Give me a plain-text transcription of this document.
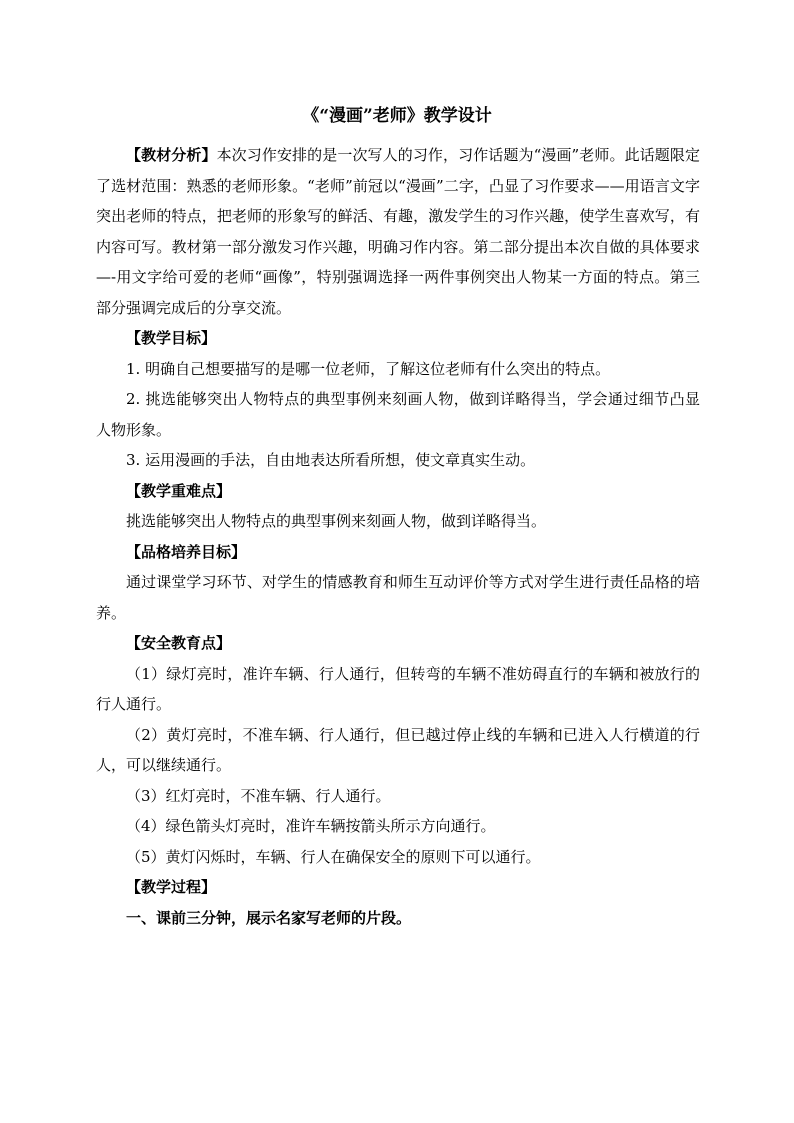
《“漫画”老师》教学设计

【教材分析】本次习作安排的是一次写人的习作，习作话题为“漫画”老师。此话题限定了选材范围：熟悉的老师形象。“老师”前冠以“漫画”二字，凸显了习作要求——用语言文字突出老师的特点，把老师的形象写的鲜活、有趣，激发学生的习作兴趣，使学生喜欢写，有内容可写。教材第一部分激发习作兴趣，明确习作内容。第二部分提出本次自做的具体要求—-用文字给可爱的老师“画像”，特别强调选择一两件事例突出人物某一方面的特点。第三部分强调完成后的分享交流。

【教学目标】

1. 明确自己想要描写的是哪一位老师，了解这位老师有什么突出的特点。

2. 挑选能够突出人物特点的典型事例来刻画人物，做到详略得当，学会通过细节凸显人物形象。

3. 运用漫画的手法，自由地表达所看所想，使文章真实生动。

【教学重难点】

挑选能够突出人物特点的典型事例来刻画人物，做到详略得当。

【品格培养目标】

通过课堂学习环节、对学生的情感教育和师生互动评价等方式对学生进行责任品格的培养。

【安全教育点】

（1）绿灯亮时，准许车辆、行人通行，但转弯的车辆不准妨碍直行的车辆和被放行的行人通行。

（2）黄灯亮时，不准车辆、行人通行，但已越过停止线的车辆和已进入人行横道的行人，可以继续通行。

（3）红灯亮时，不准车辆、行人通行。

（4）绿色箭头灯亮时，准许车辆按箭头所示方向通行。

（5）黄灯闪烁时，车辆、行人在确保安全的原则下可以通行。

【教学过程】

一、课前三分钟，展示名家写老师的片段。
